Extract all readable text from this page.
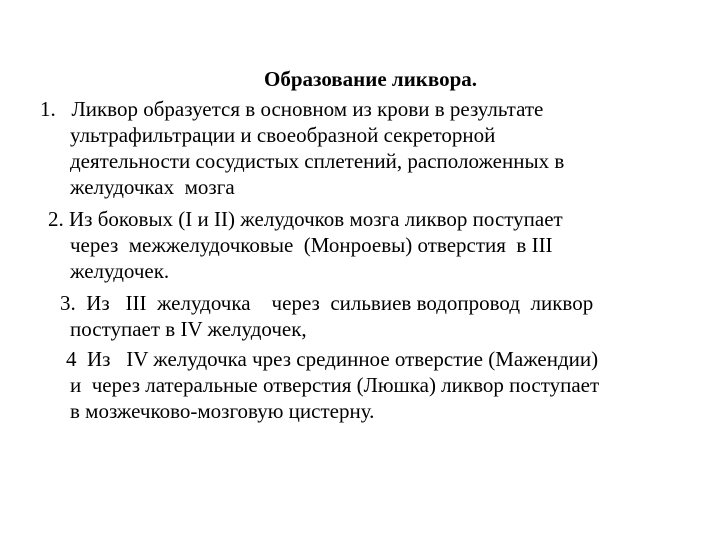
Образование ликвора.
1.   Ликвор образуется в основном из крови в результате
ультрафильтрации и своеобразной секреторной
деятельности сосудистых сплетений, расположенных в
желудочках  мозга
2. Из боковых (I и II) желудочков мозга ликвор поступает
через  межжелудочковые  (Монроевы) отверстия  в III
желудочек.
3.  Из   III  желудочка    через  сильвиев водопровод  ликвор
поступает в IV желудочек,
4  Из   IV желудочка чрез срединное отверстие (Мажендии)
и  через латеральные отверстия (Люшка) ликвор поступает
в мозжечково-мозговую цистерну.
